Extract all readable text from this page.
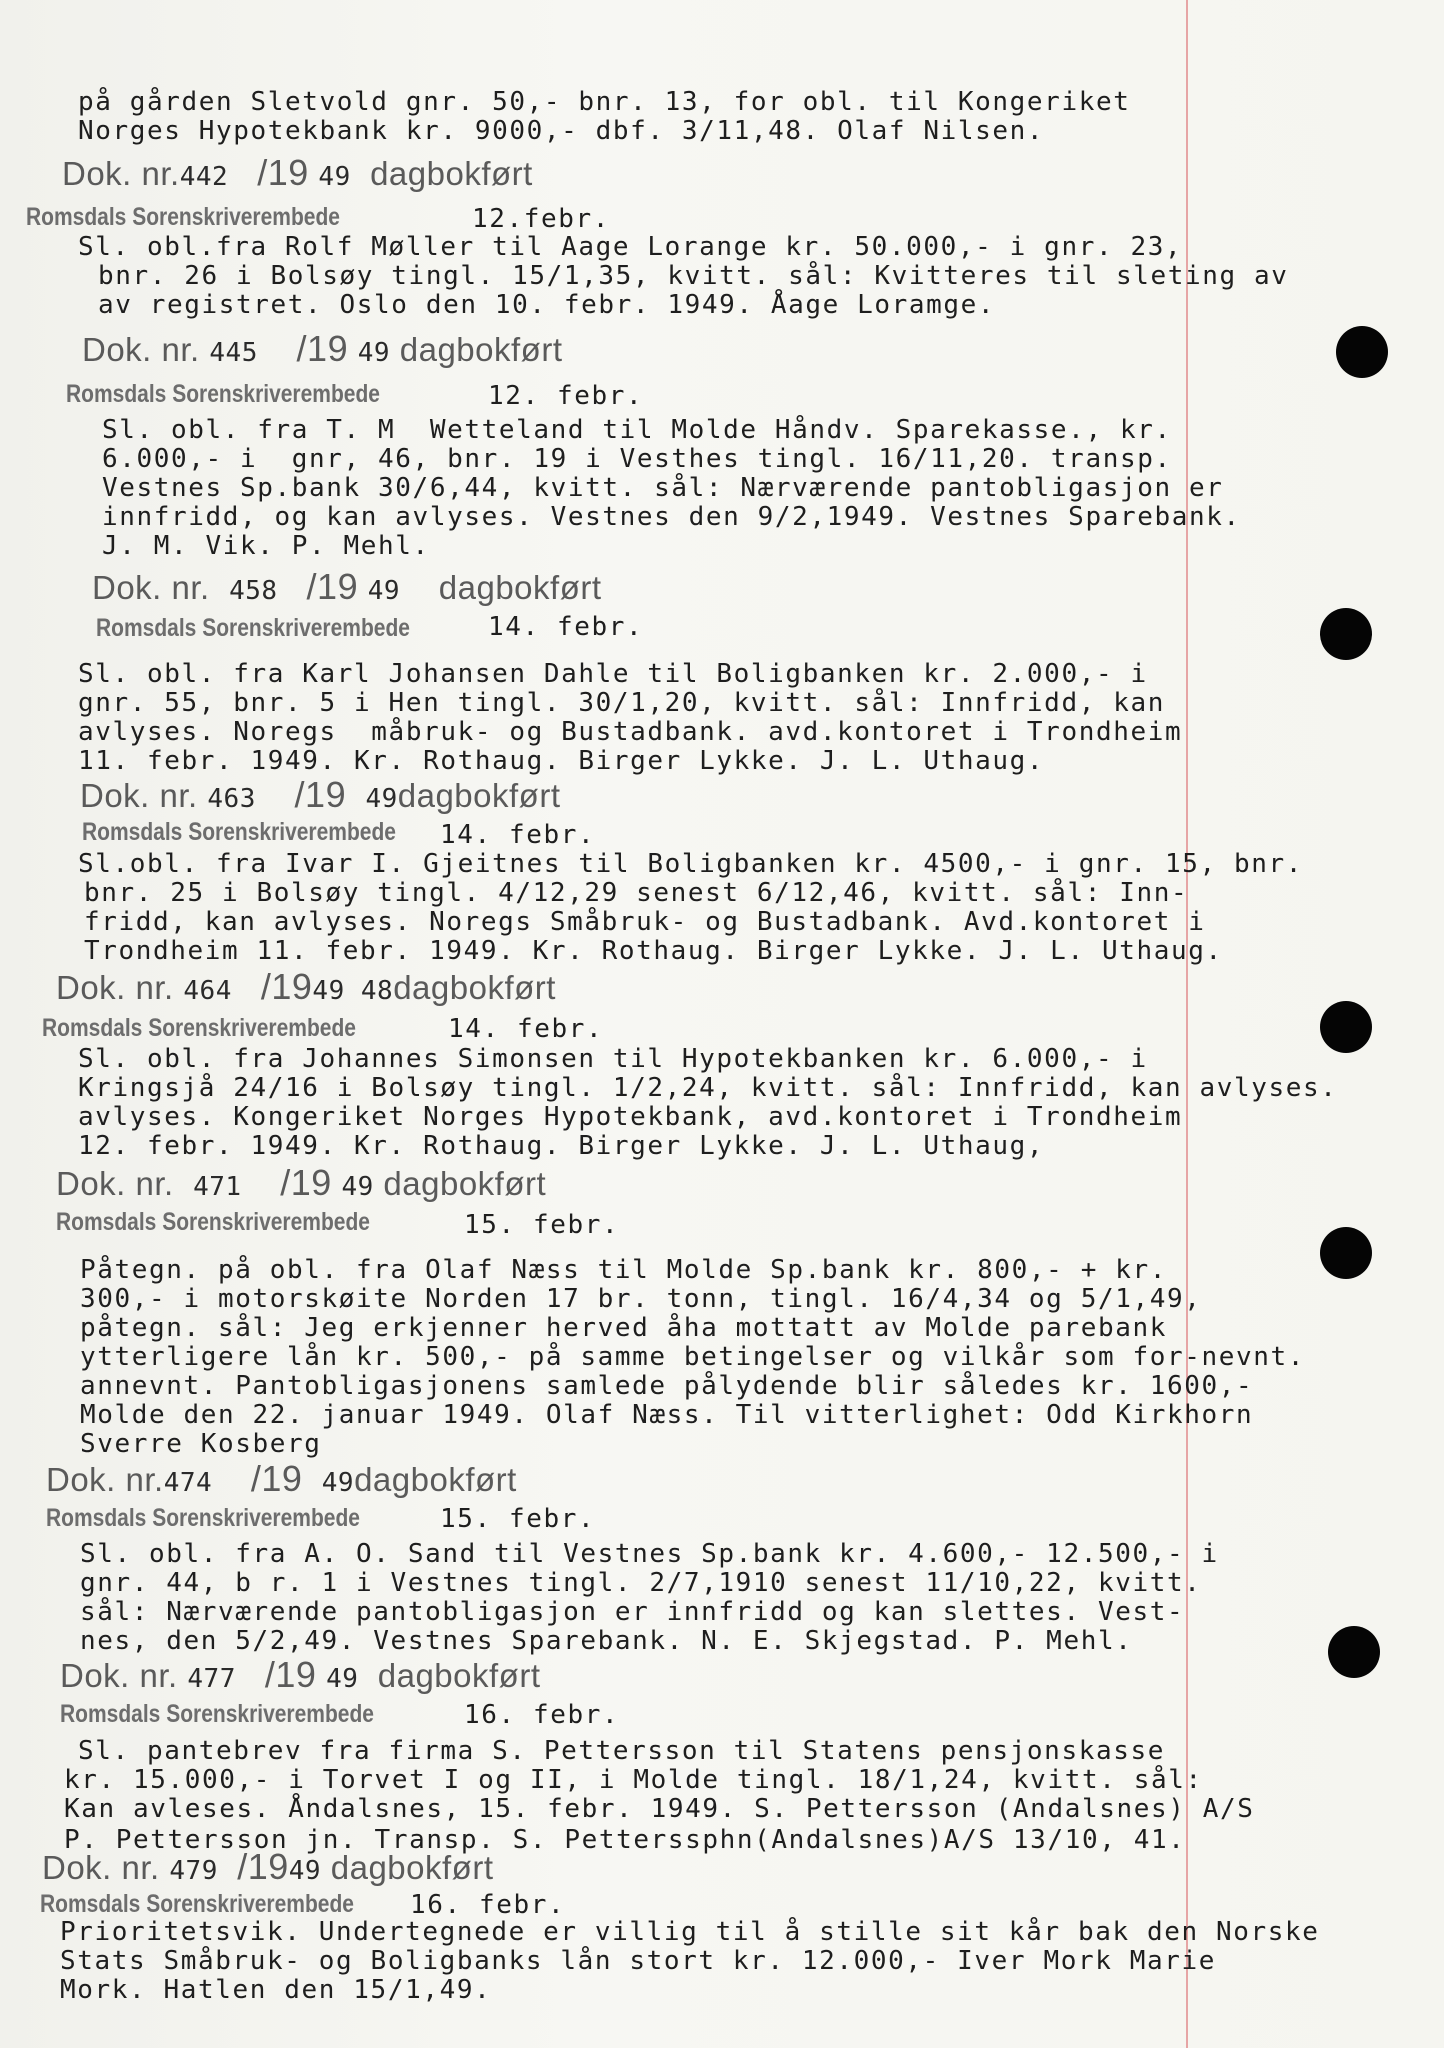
på gården Sletvold gnr. 50,- bnr. 13, for obl. til Kongeriket
Norges Hypotekbank kr. 9000,- dbf. 3/11,48. Olaf Nilsen.
Dok. nr.442 /19 49 dagbokført
Romsdals Sorenskriverembede	12.febr.
Sl. obl.fra Rolf Møller til Aage Lorange kr. 50.000,- i gnr. 23,
bnr. 26 i Bolsøy tingl. 15/1,35, kvitt. sål: Kvitteres til sleting av
av registret. Oslo den 10. febr. 1949. Åage Loramge.
Dok. nr. 445 /19 49 dagbokført
Romsdals Sorenskriverembede	12. febr.
Sl. obl. fra T. M  Wetteland til Molde Håndv. Sparekasse., kr.
6.000,- i  gnr, 46, bnr. 19 i Vesthes tingl. 16/11,20. transp.
Vestnes Sp.bank 30/6,44, kvitt. sål: Nærværende pantobligasjon er
innfridd, og kan avlyses. Vestnes den 9/2,1949. Vestnes Sparebank.
J. M. Vik. P. Mehl.
Dok. nr. 458 /19 49 dagbokført
Romsdals Sorenskriverembede	14. febr.
Sl. obl. fra Karl Johansen Dahle til Boligbanken kr. 2.000,- i
gnr. 55, bnr. 5 i Hen tingl. 30/1,20, kvitt. sål: Innfridd, kan
avlyses. Noregs  måbruk- og Bustadbank. avd.kontoret i Trondheim
11. febr. 1949. Kr. Rothaug. Birger Lykke. J. L. Uthaug.
Dok. nr. 463 /19 49dagbokført
Romsdals Sorenskriverembede 14. febr.
Sl.obl. fra Ivar I. Gjeitnes til Boligbanken kr. 4500,- i gnr. 15, bnr.
bnr. 25 i Bolsøy tingl. 4/12,29 senest 6/12,46, kvitt. sål: Inn-
fridd, kan avlyses. Noregs Småbruk- og Bustadbank. Avd.kontoret i
Trondheim 11. febr. 1949. Kr. Rothaug. Birger Lykke. J. L. Uthaug.
Dok. nr. 464 /1949 48dagbokført
Romsdals Sorenskriverembede	14. febr.
Sl. obl. fra Johannes Simonsen til Hypotekbanken kr. 6.000,- i
Kringsjå 24/16 i Bolsøy tingl. 1/2,24, kvitt. sål: Innfridd, kan avlyses.
avlyses. Kongeriket Norges Hypotekbank, avd.kontoret i Trondheim
12. febr. 1949. Kr. Rothaug. Birger Lykke. J. L. Uthaug,
Dok. nr. 471 /19 49 dagbokført
Romsdals Sorenskriverembede	15. febr.
Påtegn. på obl. fra Olaf Næss til Molde Sp.bank kr. 800,- + kr.
300,- i motorskøite Norden 17 br. tonn, tingl. 16/4,34 og 5/1,49,
påtegn. sål: Jeg erkjenner herved åha mottatt av Molde parebank
ytterligere lån kr. 500,- på samme betingelser og vilkår som for-nevnt.
annevnt. Pantobligasjonens samlede pålydende blir således kr. 1600,-
Molde den 22. januar 1949. Olaf Næss. Til vitterlighet: Odd Kirkhorn
Sverre Kosberg
Dok. nr.474 /19 49dagbokført
Romsdals Sorenskriverembede	15. febr.
Sl. obl. fra A. O. Sand til Vestnes Sp.bank kr. 4.600,- 12.500,- i
gnr. 44, b r. 1 i Vestnes tingl. 2/7,1910 senest 11/10,22, kvitt.
sål: Nærværende pantobligasjon er innfridd og kan slettes. Vest-
nes, den 5/2,49. Vestnes Sparebank. N. E. Skjegstad. P. Mehl.
Dok. nr. 477 /19 49 dagbokført
Romsdals Sorenskriverembede	16. febr.
Sl. pantebrev fra firma S. Pettersson til Statens pensjonskasse
kr. 15.000,- i Torvet I og II, i Molde tingl. 18/1,24, kvitt. sål:
Kan avleses. Åndalsnes, 15. febr. 1949. S. Pettersson (Andalsnes) A/S
P. Pettersson jn. Transp. S. Petterssphn(Andalsnes)A/S 13/10, 41.
Dok. nr. 479 /1949 dagbokført
Romsdals Sorenskriverembede 16. febr.
Prioritetsvik. Undertegnede er villig til å stille sit kår bak den Norske
Stats Småbruk- og Boligbanks lån stort kr. 12.000,- Iver Mork Marie
Mork. Hatlen den 15/1,49.
